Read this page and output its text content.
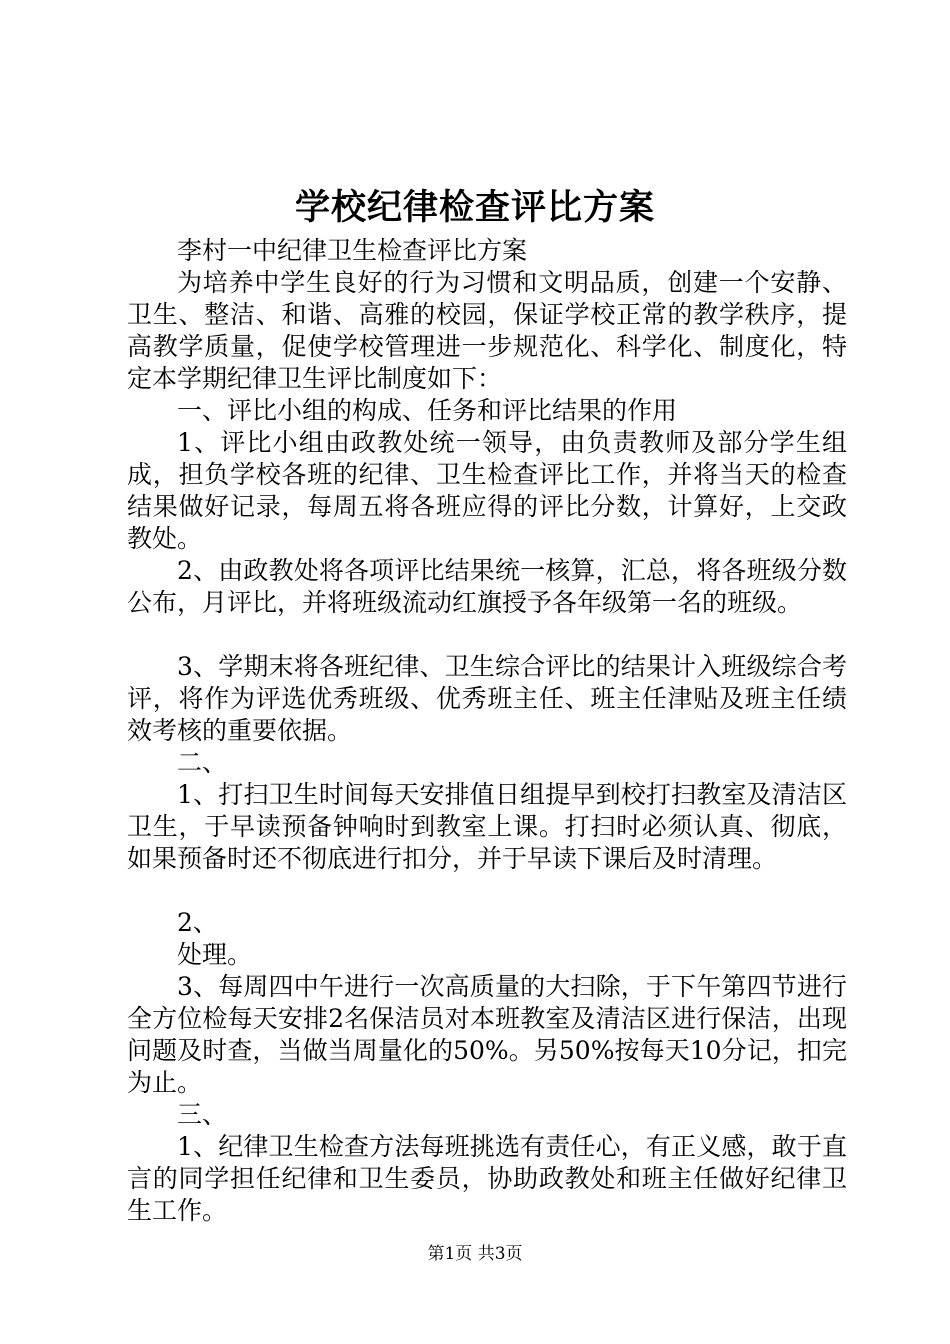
学校纪律检查评比方案

李村一中纪律卫生检查评比方案

为培养中学生良好的行为习惯和文明品质，创建一个安静、卫生、整洁、和谐、高雅的校园，保证学校正常的教学秩序，提高教学质量，促使学校管理进一步规范化、科学化、制度化，特定本学期纪律卫生评比制度如下：

一、评比小组的构成、任务和评比结果的作用

1、评比小组由政教处统一领导，由负责教师及部分学生组成，担负学校各班的纪律、卫生检查评比工作，并将当天的检查结果做好记录，每周五将各班应得的评比分数，计算好，上交政教处。

2、由政教处将各项评比结果统一核算，汇总，将各班级分数公布，月评比，并将班级流动红旗授予各年级第一名的班级。

3、学期末将各班纪律、卫生综合评比的结果计入班级综合考评，将作为评选优秀班级、优秀班主任、班主任津贴及班主任绩效考核的重要依据。

二、

1、打扫卫生时间每天安排值日组提早到校打扫教室及清洁区卫生，于早读预备钟响时到教室上课。打扫时必须认真、彻底，如果预备时还不彻底进行扣分，并于早读下课后及时清理。

2、

处理。

3、每周四中午进行一次高质量的大扫除，于下午第四节进行全方位检每天安排2名保洁员对本班教室及清洁区进行保洁，出现问题及时查，当做当周量化的50%。另50%按每天10分记，扣完为止。

三、

1、纪律卫生检查方法每班挑选有责任心，有正义感，敢于直言的同学担任纪律和卫生委员，协助政教处和班主任做好纪律卫生工作。

第1页 共3页
